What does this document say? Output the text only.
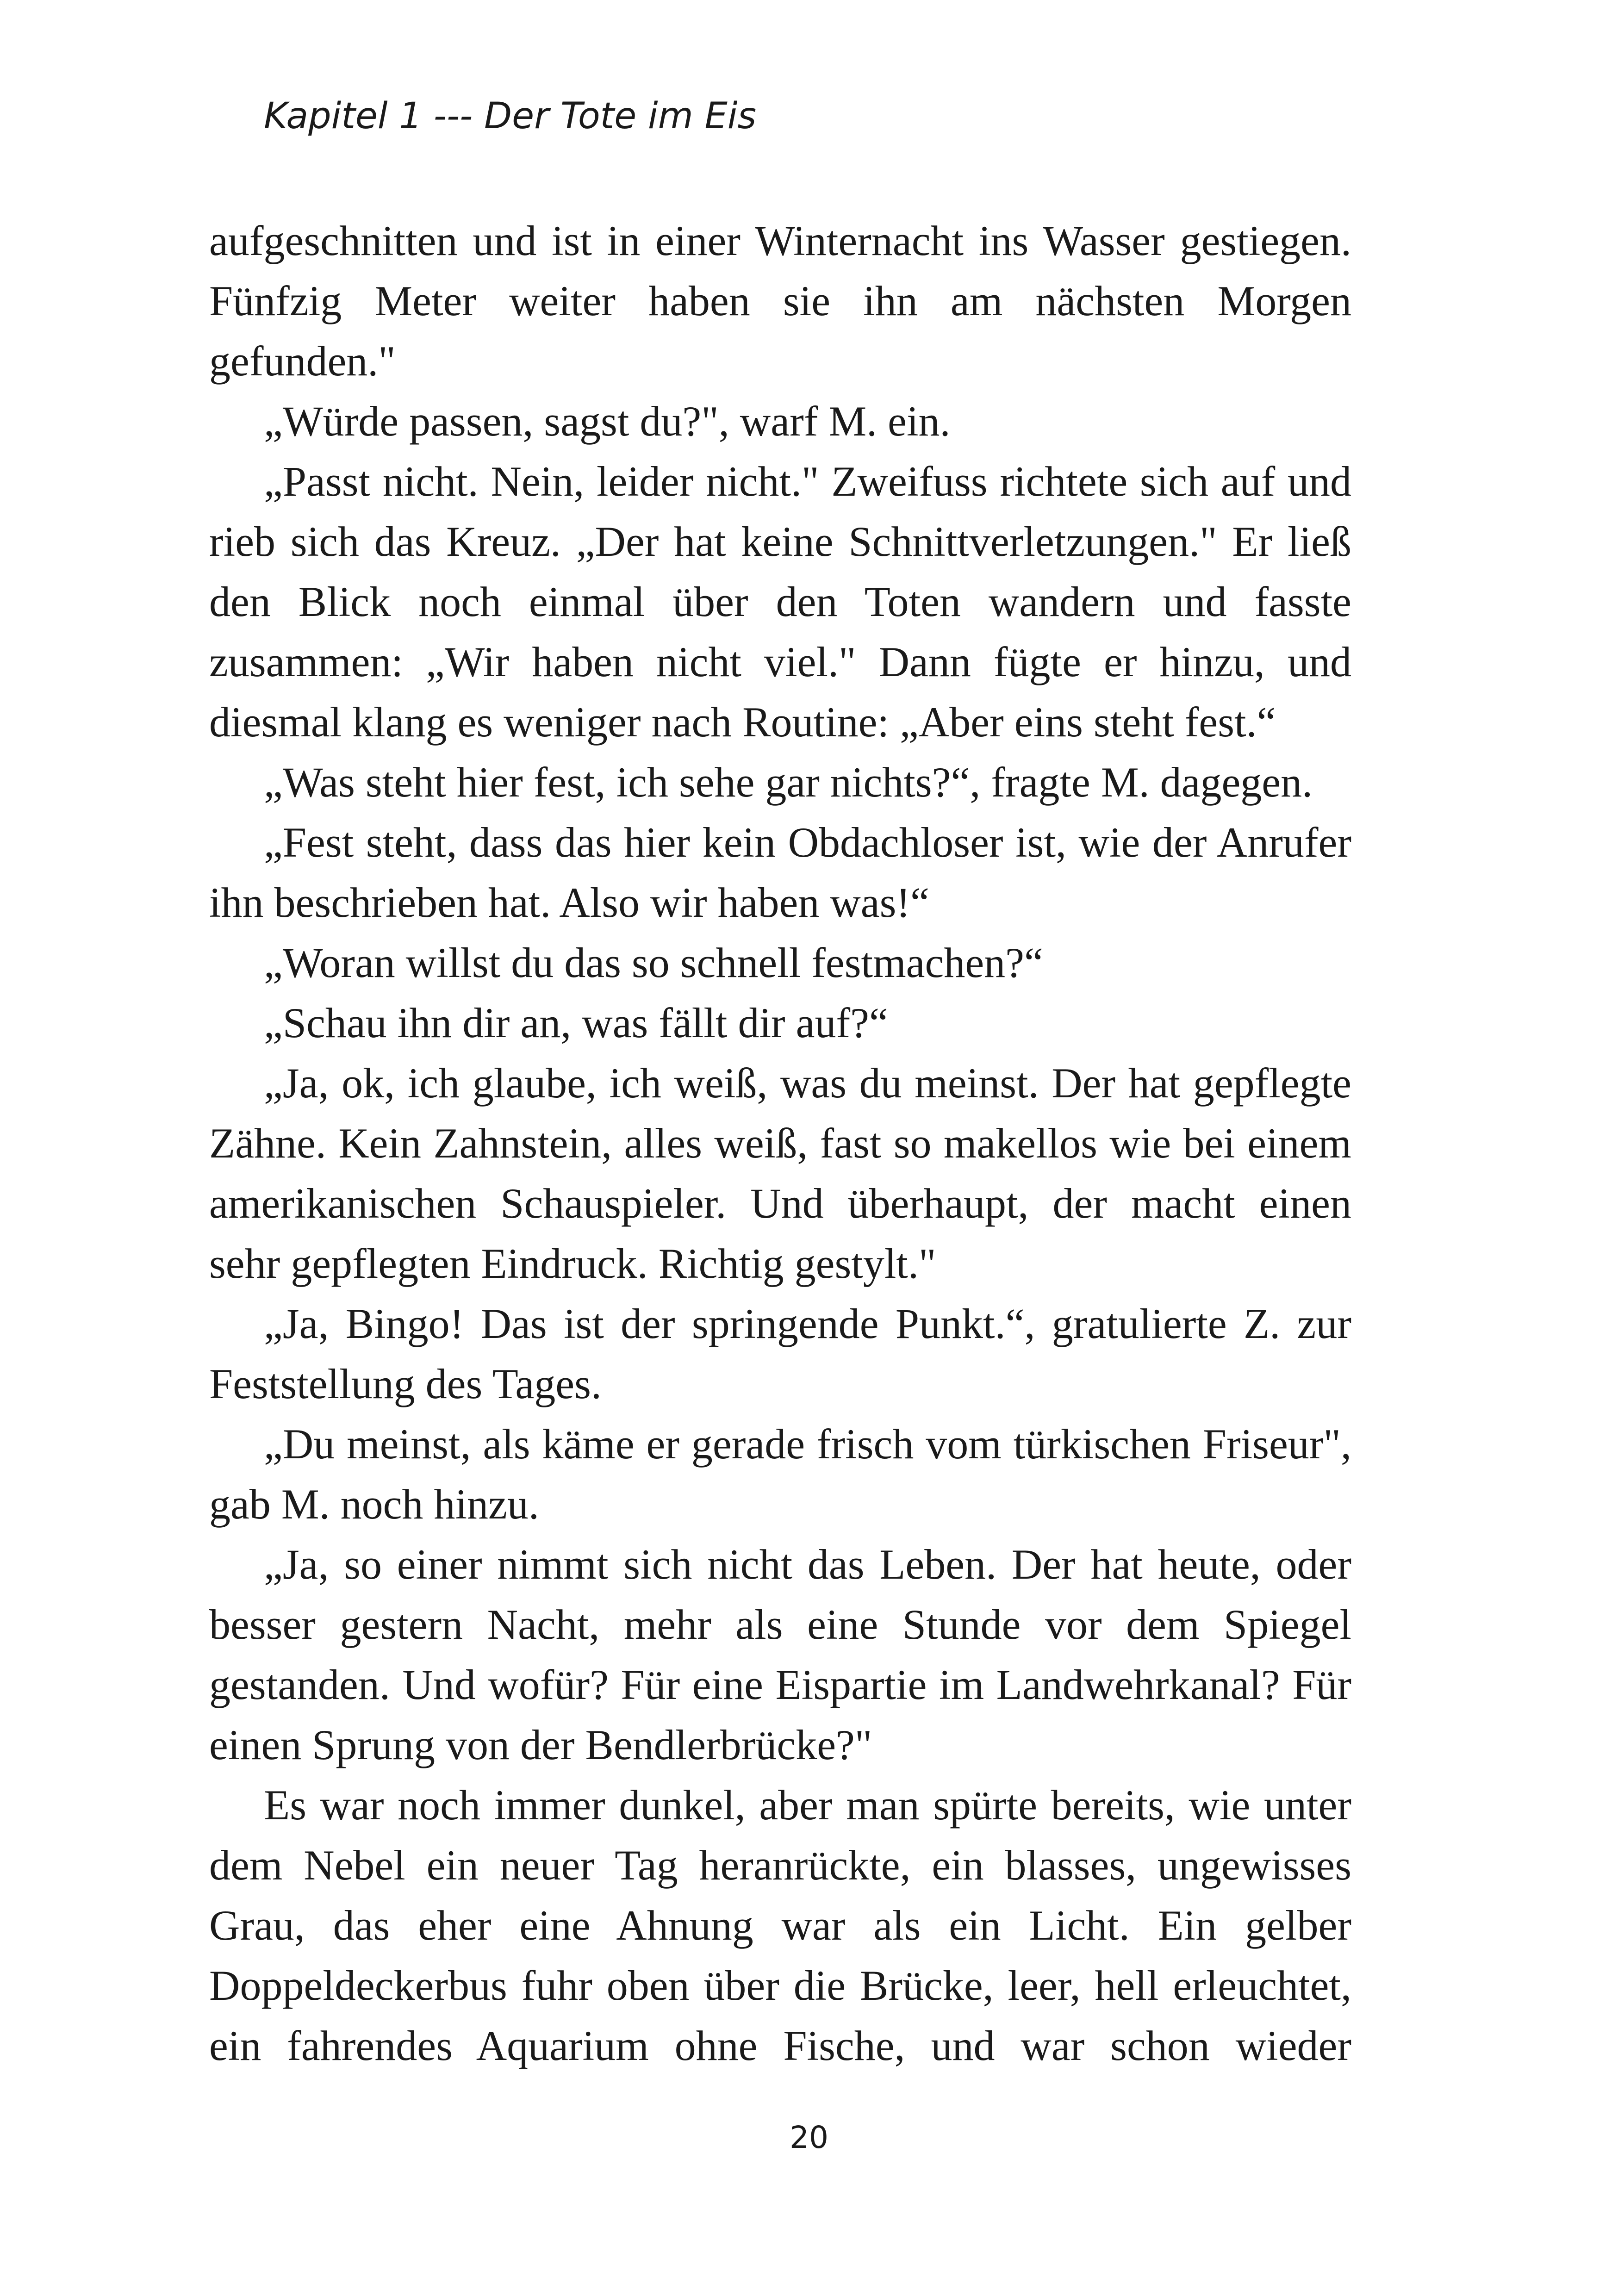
Kapitel 1 --- Der Tote im Eis

aufgeschnitten und ist in einer Winternacht ins Wasser gestiegen. Fünfzig Meter weiter haben sie ihn am nächsten Morgen gefunden."

„Würde passen, sagst du?", warf M. ein.

„Passt nicht. Nein, leider nicht." Zweifuss richtete sich auf und rieb sich das Kreuz. „Der hat keine Schnittverletzungen." Er ließ den Blick noch einmal über den Toten wandern und fasste zusammen: „Wir haben nicht viel." Dann fügte er hinzu, und diesmal klang es weniger nach Routine: „Aber eins steht fest.“

„Was steht hier fest, ich sehe gar nichts?“, fragte M. dagegen.

„Fest steht, dass das hier kein Obdachloser ist, wie der Anrufer ihn beschrieben hat. Also wir haben was!“

„Woran willst du das so schnell festmachen?“

„Schau ihn dir an, was fällt dir auf?“

„Ja, ok, ich glaube, ich weiß, was du meinst. Der hat gepflegte Zähne. Kein Zahnstein, alles weiß, fast so makellos wie bei einem amerikanischen Schauspieler. Und überhaupt, der macht einen sehr gepflegten Eindruck. Richtig gestylt."

„Ja, Bingo! Das ist der springende Punkt.“, gratulierte Z. zur Feststellung des Tages.

„Du meinst, als käme er gerade frisch vom türkischen Friseur", gab M. noch hinzu.

„Ja, so einer nimmt sich nicht das Leben. Der hat heute, oder besser gestern Nacht, mehr als eine Stunde vor dem Spiegel gestanden. Und wofür? Für eine Eispartie im Landwehrkanal? Für einen Sprung von der Bendlerbrücke?"

Es war noch immer dunkel, aber man spürte bereits, wie unter dem Nebel ein neuer Tag heranrückte, ein blasses, ungewisses Grau, das eher eine Ahnung war als ein Licht. Ein gelber Doppeldeckerbus fuhr oben über die Brücke, leer, hell erleuchtet, ein fahrendes Aquarium ohne Fische, und war schon wieder

20
